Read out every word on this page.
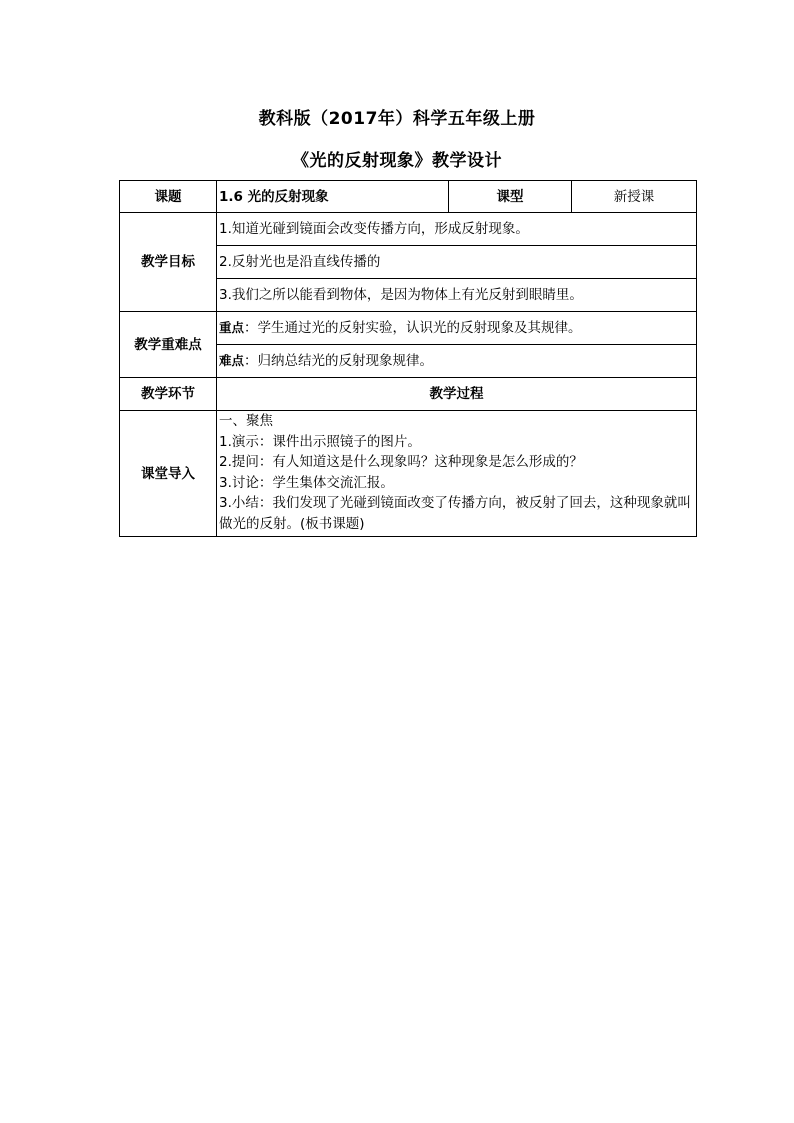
教科版（2017年）科学五年级上册
《光的反射现象》教学设计
课题	1.6 光的反射现象	课型	新授课
教学目标	1.知道光碰到镜面会改变传播方向，形成反射现象。		
	2.反射光也是沿直线传播的		
	3.我们之所以能看到物体，是因为物体上有光反射到眼睛里。		
教学重难点	重点：学生通过光的反射实验，认识光的反射现象及其规律。		
	难点：归纳总结光的反射现象规律。		
教学环节	教学过程		
课堂导入	一、聚焦
1.演示：课件出示照镜子的图片。
2.提问：有人知道这是什么现象吗？这种现象是怎么形成的？
3.讨论：学生集体交流汇报。
3.小结：我们发现了光碰到镜面改变了传播方向，被反射了回去，这种现象就叫做光的反射。(板书课题)		
